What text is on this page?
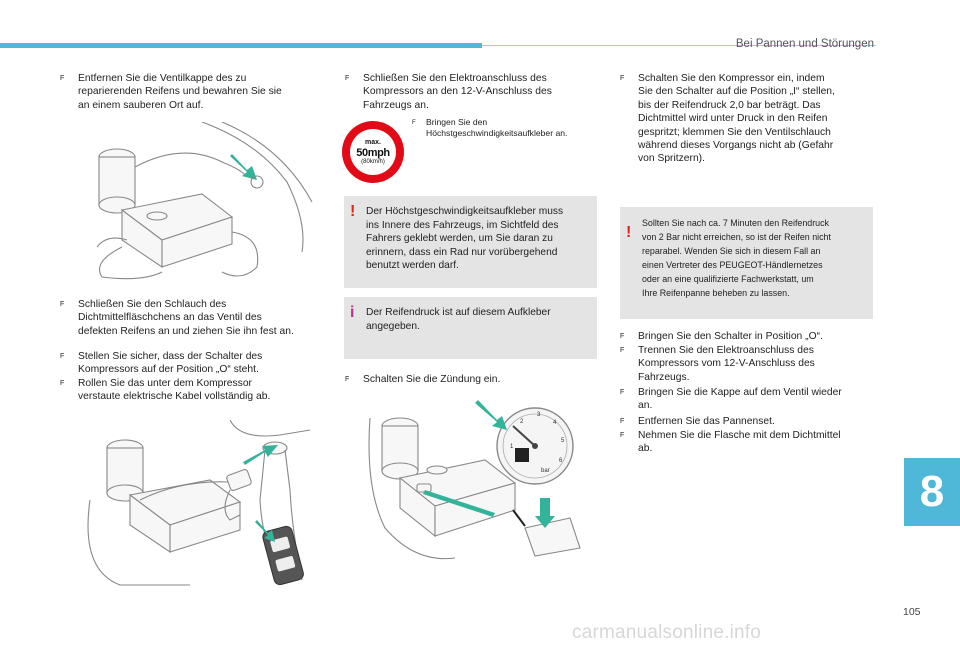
Bei Pannen und Störungen
F	Entfernen Sie die Ventilkappe des zu
reparierenden Reifens und bewahren Sie sie
an einem sauberen Ort auf.
F	Schließen Sie den Schlauch des
Dichtmittelfläschchens an das Ventil des
defekten Reifens an und ziehen Sie ihn fest an.
F	Stellen Sie sicher, dass der Schalter des
Kompressors auf der Position „O“ steht.
F	Rollen Sie das unter dem Kompressor
verstaute elektrische Kabel vollständig ab.
F	Schließen Sie den Elektroanschluss des
Kompressors an den 12-V-Anschluss des
Fahrzeugs an.
max.
50mph
(80km/h)
F	Bringen Sie den
Höchstgeschwindigkeitsaufkleber an.
! Der Höchstgeschwindigkeitsaufkleber muss
ins Innere des Fahrzeugs, im Sichtfeld des
Fahrers geklebt werden, um Sie daran zu
erinnern, dass ein Rad nur vorübergehend
benutzt werden darf.
i Der Reifendruck ist auf diesem Aufkleber
angegeben.
F	Schalten Sie die Zündung ein.
1
2
3
4
5
6
bar
F	Schalten Sie den Kompressor ein, indem
Sie den Schalter auf die Position „I“ stellen,
bis der Reifendruck 2,0 bar beträgt. Das
Dichtmittel wird unter Druck in den Reifen
gespritzt; klemmen Sie den Ventilschlauch
während dieses Vorgangs nicht ab (Gefahr
von Spritzern).
!
Sollten Sie nach ca. 7 Minuten den Reifendruck
von 2 Bar nicht erreichen, so ist der Reifen nicht
reparabel. Wenden Sie sich in diesem Fall an
einen Vertreter des PEUGEOT-Händlernetzes
oder an eine qualifizierte Fachwerkstatt, um
Ihre Reifenpanne beheben zu lassen.
F	Bringen Sie den Schalter in Position „O“.
F	Trennen Sie den Elektroanschluss des
Kompressors vom 12-V-Anschluss des
Fahrzeugs.
F	Bringen Sie die Kappe auf dem Ventil wieder
an.
F	Entfernen Sie das Pannenset.
F	Nehmen Sie die Flasche mit dem Dichtmittel
ab.
8
105
carmanualsonline.info
